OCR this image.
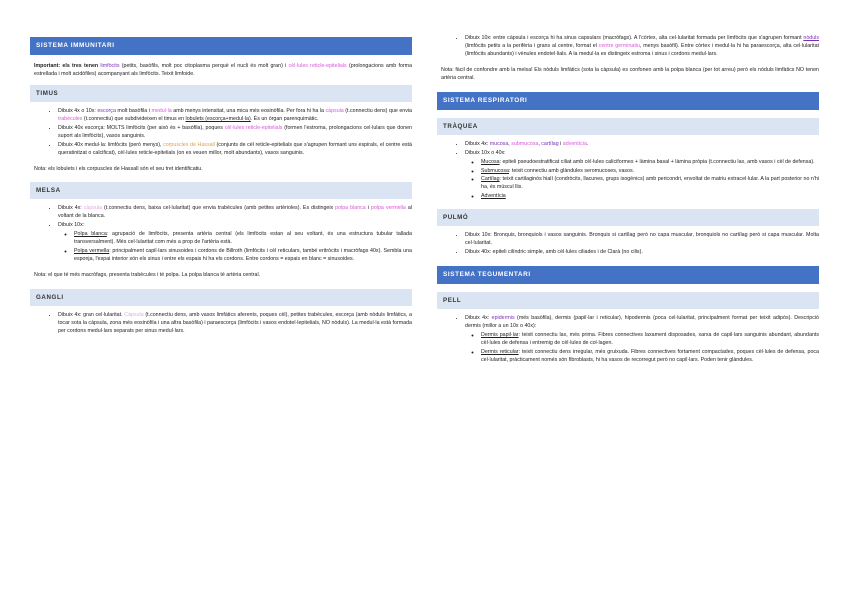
SISTEMA IMMUNITARI

Important: els tres tenen limfòcits (petits, basòfils, molt poc citoplasma perquè el nucli és molt gran) i cèl·lules reticle-epitelials (prolongacions amb forma estrellada i molt acidòfiles) acompanyant als limfòcits. Teixit limfoide.

TIMUS
• Dibuix 4x o 10x: escorça molt basòfila i medul·la amb menys intensitat, una mica més eosinòfila. Per fora hi ha la càpsula (t.connectiu dens) que envia trabècules (t.connectiu) que subdivideixen el timus en lobulets (escorça+medul·la). És un òrgan parenquimàtic.
• Dibuix 40x escorça: MOLTS limfòcits (per això és + basòfila), poques cèl·lules reticle-epitelials (formen l'estroma, prolongacions cel·lulars que donen suport als limfòcits), vasos sanguinis.
• Dibuix 40x medul·la: limfòcits (però menys), corpuscles de Hassall (conjunts de cèl reticle-epitelials que s'agrupen formant uns espirals, el centre està queratinitzat o calcificat), cèl·lules reticle-epitelials (on es veuen millor, molt abundants), vasos sanguinis.

Nota: els lobulets i els corpuscles de Hassall són el seu tret identificatiu.

MELSA
• Dibuix 4x: càpsula (t.connectiu dens, baixa cel·lularitat) que envia trabècules (amb petites artèrioles). Es distingeix polpa blanca i polpa vermella al voltant de la blanca.
• Dibuix 10x:
◦ Polpa blanca: agrupació de limfòcits, presenta artèria central (els limfòcits estan al seu voltant, és una estructura tubular tallada transversalment). Més cel·lularitat com més a prop de l'artèria està.
◦ Polpa vermella: principalment capil·lars sinusoides i cordons de Billroth (limfòcits i cèl reticulars, també eritròcits i macròfags 40x). Sembla una esponja, l'espai interior són els sinus i entre els espais hi ha els cordons. Entre cordons = espais en blanc = sinusoides.

Nota: el que té més macròfags, presenta trabècules i té polpa. La polpa blanca té artèria central.

GANGLI
• Dibuix 4x: gran cel·lularitat. Càpsula (t.connectiu dens, amb vasos limfàtics aferents, poques cèl), petites trabècules, escorça (amb nòduls limfàtics, a tocar sota la càpsula, zona més eosinòfila i una altra basòfila) i paraescorça (limfòcits i vasos endotel·lepitelials, NO nòduls). La medul·la està formada per cordons medul·lars separats per sinus medul·lars.
• Dibuix 10x: entre càpsula i escorça hi ha sinus capsulars (macròfags). A l'còrtex, alta cel·lularitat formada per limfòcits que s'agrupen formant nòduls (limfòcits petits a la perifèria i grans al centre, format el centre germinatiu, menys basòfil). Entre còrtex i medul·la hi ha paraescorça, alta cel·lularitat (limfòcits abundants) i vènules endotel·lials. A la medul·la es distingeix estroma i sinus i cordons medul·lars.

Nota: fàcil de confondre amb la melsa! Els nòduls limfàtics (sota la càpsula) es confonen amb la polpa blanca (per tot arreu) però els nòduls limfàtics NO tenen artèria central.

SISTEMA RESPIRATORI
TRÀQUEA
• Dibuix 4x: mucosa, submucosa, cartílag i adventícia.
• Dibuix 10x o 40x:
◦ Mucosa: epiteli pseudoestratificat ciliat amb cèl·lules caliciformes + làmina basal + làmina pròpia (t.connectiu lax, amb vasos i cèl de defensa).
◦ Submucosa: teixit connectiu amb glàndules seromucoses, vasos.
◦ Cartílag: teixit cartilaginós hialí (condròcits, llacunes, grups isogènics) amb pericondri, envoltat de matriu extracel·lular. A la part posterior no n'hi ha, és múscul llis.
◦ Adventícia
PULMÓ
• Dibuix 10x: Bronquis, bronquiols i vasos sanguinis. Bronquis si cartílag però no capa muscular, bronquiols no cartílag però si capa muscular. Molta cel·lularitat.
• Dibuix 40x: epiteli cilíndric simple, amb cèl·lules ciliades i de Clarà (no cilis).
SISTEMA TEGUMENTARI
PELL
• Dibuix 4x: epidermis (més basòfila), dermis (papil·lar i reticular), hipodermis (poca cel·lularitat, principalment format per teixit adipós). Descripció dermis (millor a un 10x o 40x):
◦ Dermis papil·lar: teixit connectiu lax, més prima. Fibres connectives laxament disposades, xarxa de capil·lars sanguinis abundant, abundants cèl·lules de defensa i entremig de cèl·lules de col·lagen.
◦ Dermis reticular: teixit connectiu dens irregular, més gruixuda. Fibres connectives fortament compactades, poques cèl·lules de defensa, poca cel·lularitat, pràcticament només són fibroblasts, hi ha vasos de recorregut però no capil·lars. Poden tenir glàndules.
